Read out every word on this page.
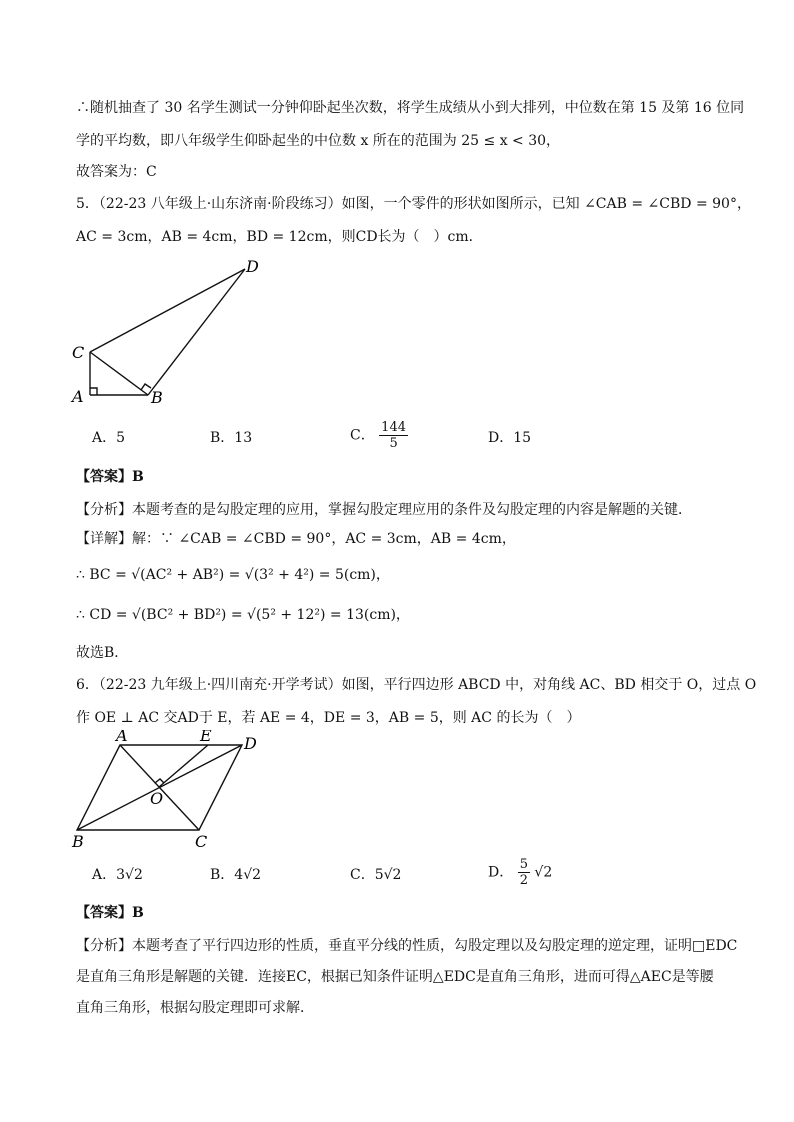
∴随机抽查了 30 名学生测试一分钟仰卧起坐次数，将学生成绩从小到大排列，中位数在第 15 及第 16 位同
学的平均数，即八年级学生仰卧起坐的中位数 x 所在的范围为 25 ≤ x < 30，
故答案为：C
5．（22-23 八年级上·山东济南·阶段练习）如图，一个零件的形状如图所示，已知 ∠CAB = ∠CBD = 90°，
AC = 3cm，AB = 4cm，BD = 12cm，则CD长为（　）cm．
D
C
A	B
A．5	B．13	C． $\frac{144}{5}$	D．15
【答案】B
【分析】本题考查的是勾股定理的应用，掌握勾股定理应用的条件及勾股定理的内容是解题的关键．
【详解】解：∵ ∠CAB = ∠CBD = 90°，AC = 3cm，AB = 4cm，
∴ BC = √(AC² + AB²) = √(3² + 4²) = 5(cm)，
∴ CD = √(BC² + BD²) = √(5² + 12²) = 13(cm)，
故选B．
6．（22-23 九年级上·四川南充·开学考试）如图，平行四边形 ABCD 中，对角线 AC、BD 相交于 O，过点 O
作 OE ⊥ AC 交AD于 E，若 AE = 4，DE = 3，AB = 5，则 AC 的长为（　）
A	E D
O
B	C
A．3√2	B．4√2	C．5√2	D． $\frac{5}{2} √2$
【答案】B
【分析】本题考查了平行四边形的性质，垂直平分线的性质，勾股定理以及勾股定理的逆定理，证明□EDC
是直角三角形是解题的关键．连接EC，根据已知条件证明△EDC是直角三角形，进而可得△AEC是等腰
直角三角形，根据勾股定理即可求解．
